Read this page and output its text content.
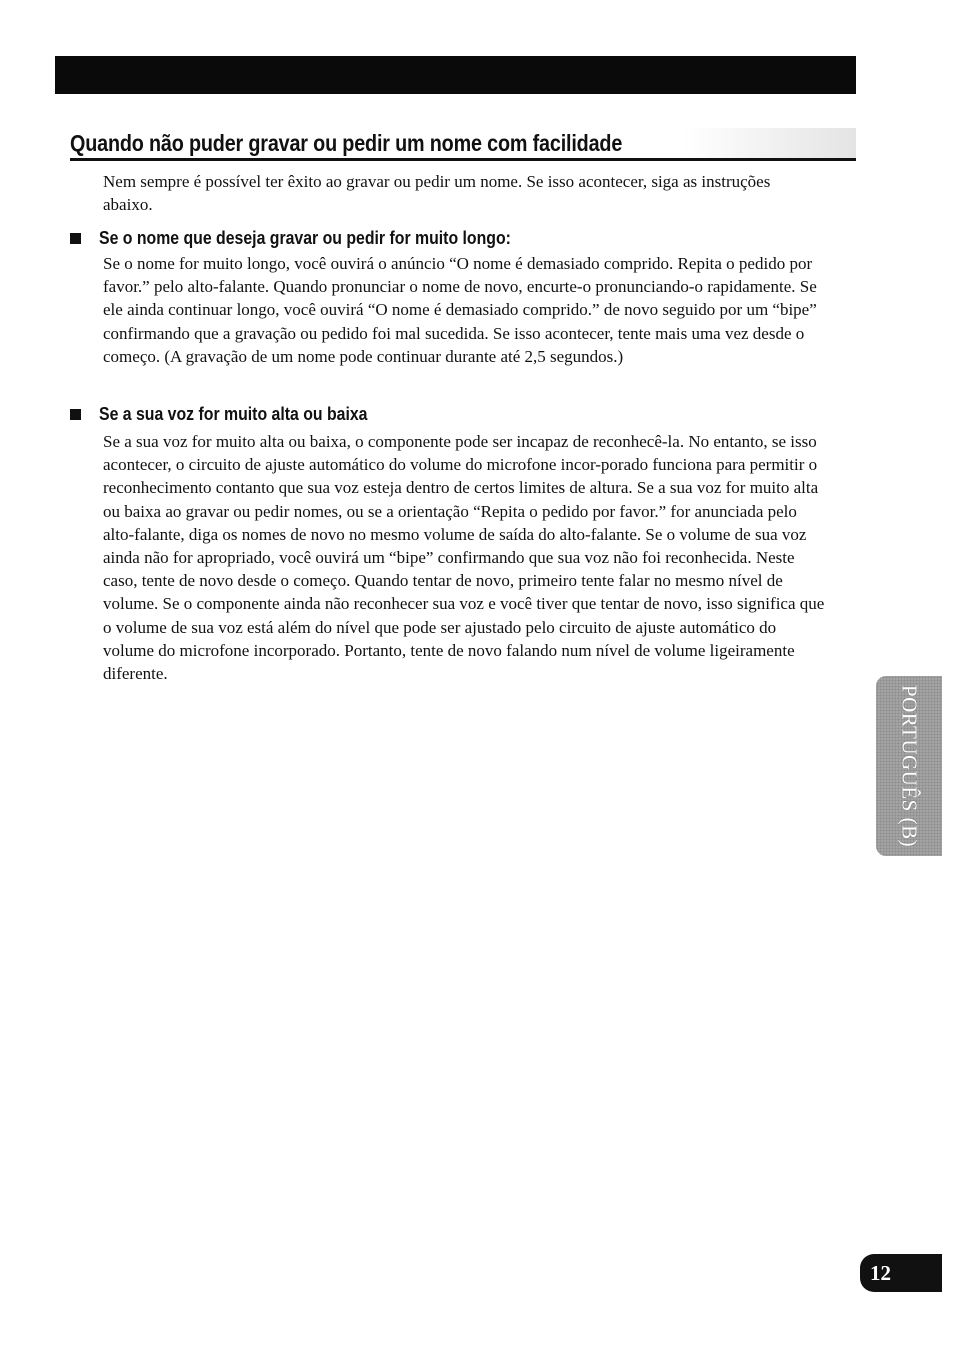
Quando não puder gravar ou pedir um nome com facilidade

Nem sempre é possível ter êxito ao gravar ou pedir um nome. Se isso acontecer, siga as instruções abaixo.

Se o nome que deseja gravar ou pedir for muito longo:

Se o nome for muito longo, você ouvirá o anúncio “O nome é demasiado comprido. Repita o pedido por favor.” pelo alto-falante. Quando pronunciar o nome de novo, encurte-o pronunciando-o rapidamente. Se ele ainda continuar longo, você ouvirá “O nome é demasiado comprido.” de novo seguido por um “bipe” confirmando que a gravação ou pedido foi mal sucedida. Se isso acontecer, tente mais uma vez desde o começo. (A gravação de um nome pode continuar durante até 2,5 segundos.)

Se a sua voz for muito alta ou baixa

Se a sua voz for muito alta ou baixa, o componente pode ser incapaz de reconhecê-la. No entanto, se isso acontecer, o circuito de ajuste automático do volume do microfone incor-porado funciona para permitir o reconhecimento contanto que sua voz esteja dentro de certos limites de altura. Se a sua voz for muito alta ou baixa ao gravar ou pedir nomes, ou se a orientação “Repita o pedido por favor.” for anunciada pelo alto-falante, diga os nomes de novo no mesmo volume de saída do alto-falante. Se o volume de sua voz ainda não for apropriado, você ouvirá um “bipe” confirmando que sua voz não foi reconhecida. Neste caso, tente de novo desde o começo. Quando tentar de novo, primeiro tente falar no mesmo nível de volume. Se o componente ainda não reconhecer sua voz e você tiver que tentar de novo, isso significa que o volume de sua voz está além do nível que pode ser ajustado pelo circuito de ajuste automático do volume do microfone incorporado. Portanto, tente de novo falando num nível de volume ligeiramente diferente.

PORTUGUÊS (B)
12
